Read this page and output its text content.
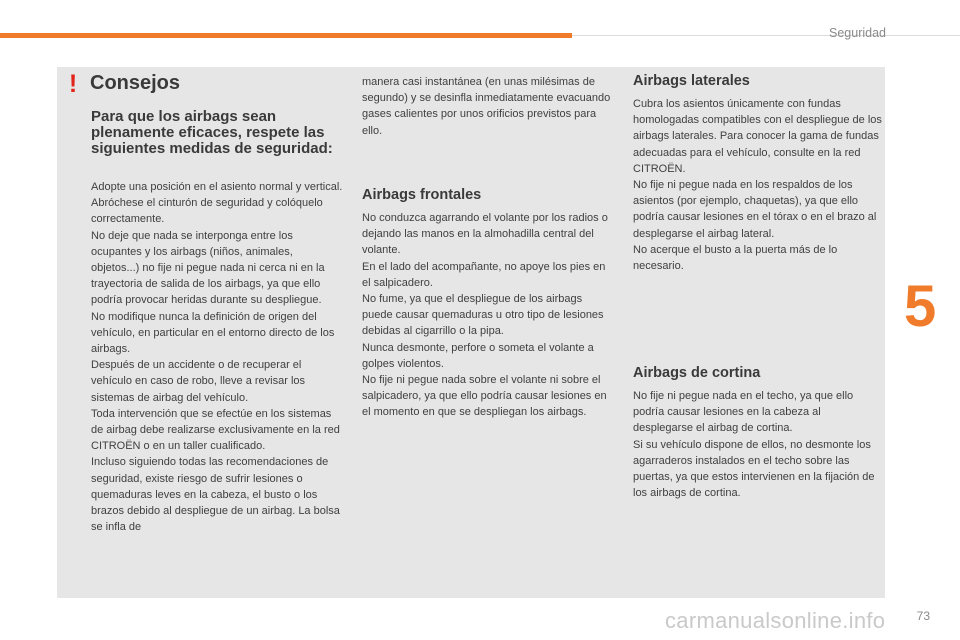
Seguridad
5
! Consejos
Para que los airbags sean plenamente eficaces, respete las siguientes medidas de seguridad:

Adopte una posición en el asiento normal y vertical.
Abróchese el cinturón de seguridad y colóquelo correctamente.
No deje que nada se interponga entre los ocupantes y los airbags (niños, animales, objetos...) no fije ni pegue nada ni cerca ni en la trayectoria de salida de los airbags, ya que ello podría provocar heridas durante su despliegue.
No modifique nunca la definición de origen del vehículo, en particular en el entorno directo de los airbags.
Después de un accidente o de recuperar el vehículo en caso de robo, lleve a revisar los sistemas de airbag del vehículo.
Toda intervención que se efectúe en los sistemas de airbag debe realizarse exclusivamente en la red CITROËN o en un taller cualificado.
Incluso siguiendo todas las recomendaciones de seguridad, existe riesgo de sufrir lesiones o quemaduras leves en la cabeza, el busto o los brazos debido al despliegue de un airbag. La bolsa se infla de

manera casi instantánea (en unas milésimas de segundo) y se desinfla inmediatamente evacuando gases calientes por unos orificios previstos para ello.

Airbags frontales

No conduzca agarrando el volante por los radios o dejando las manos en la almohadilla central del volante.
En el lado del acompañante, no apoye los pies en el salpicadero.
No fume, ya que el despliegue de los airbags puede causar quemaduras u otro tipo de lesiones debidas al cigarrillo o la pipa.
Nunca desmonte, perfore o someta el volante a golpes violentos.
No fije ni pegue nada sobre el volante ni sobre el salpicadero, ya que ello podría causar lesiones en el momento en que se despliegan los airbags.

Airbags laterales

Cubra los asientos únicamente con fundas homologadas compatibles con el despliegue de los airbags laterales. Para conocer la gama de fundas adecuadas para el vehículo, consulte en la red CITROËN.
No fije ni pegue nada en los respaldos de los asientos (por ejemplo, chaquetas), ya que ello podría causar lesiones en el tórax o en el brazo al desplegarse el airbag lateral.
No acerque el busto a la puerta más de lo necesario.

Airbags de cortina

No fije ni pegue nada en el techo, ya que ello podría causar lesiones en la cabeza al desplegarse el airbag de cortina.
Si su vehículo dispone de ellos, no desmonte los agarraderos instalados en el techo sobre las puertas, ya que estos intervienen en la fijación de los airbags de cortina.

73
carmanualsonline.info
